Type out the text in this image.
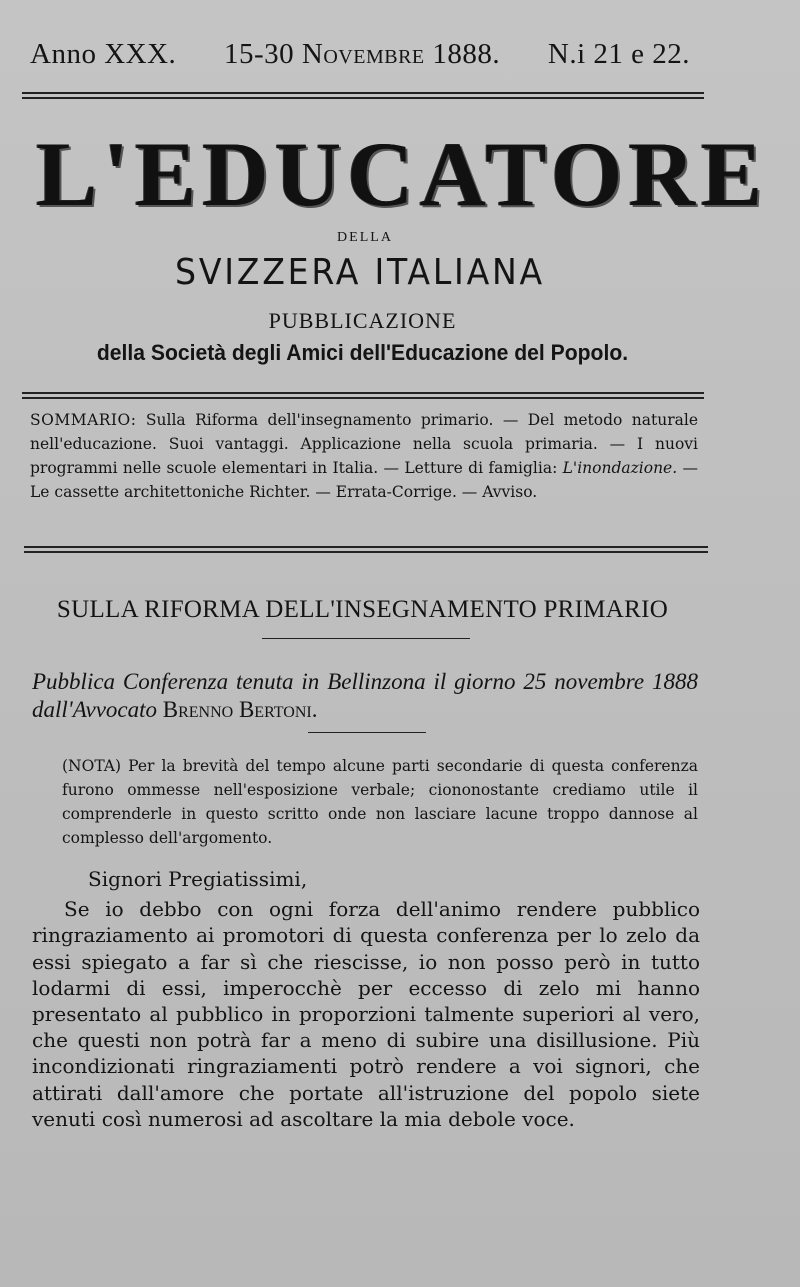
Anno XXX. 15-30 Novembre 1888. N.i 21 e 22.
L'EDUCATORE
DELLA
SVIZZERA ITALIANA
PUBBLICAZIONE
della Società degli Amici dell'Educazione del Popolo.
SOMMARIO: Sulla Riforma dell'insegnamento primario. — Del metodo naturale nell'educazione. Suoi vantaggi. Applicazione nella scuola primaria. — I nuovi programmi nelle scuole elementari in Italia. — Letture di famiglia: L'inondazione. — Le cassette architettoniche Richter. — Errata-Corrige. — Avviso.
SULLA RIFORMA DELL'INSEGNAMENTO PRIMARIO
Pubblica Conferenza tenuta in Bellinzona il giorno 25 novembre 1888 dall'Avvocato Brenno Bertoni.
(NOTA) Per la brevità del tempo alcune parti secondarie di questa conferenza furono ommesse nell'esposizione verbale; ciononostante crediamo utile il comprenderle in questo scritto onde non lasciare lacune troppo dannose al complesso dell'argomento.

Signori Pregiatissimi,

Se io debbo con ogni forza dell'animo rendere pubblico ringraziamento ai promotori di questa conferenza per lo zelo da essi spiegato a far sì che riescisse, io non posso però in tutto lodarmi di essi, imperocchè per eccesso di zelo mi hanno presentato al pubblico in proporzioni talmente superiori al vero, che questi non potrà far a meno di subire una disillusione. Più incondizionati ringraziamenti potrò rendere a voi signori, che attirati dall'amore che portate all'istruzione del popolo siete venuti così numerosi ad ascoltare la mia debole voce.
